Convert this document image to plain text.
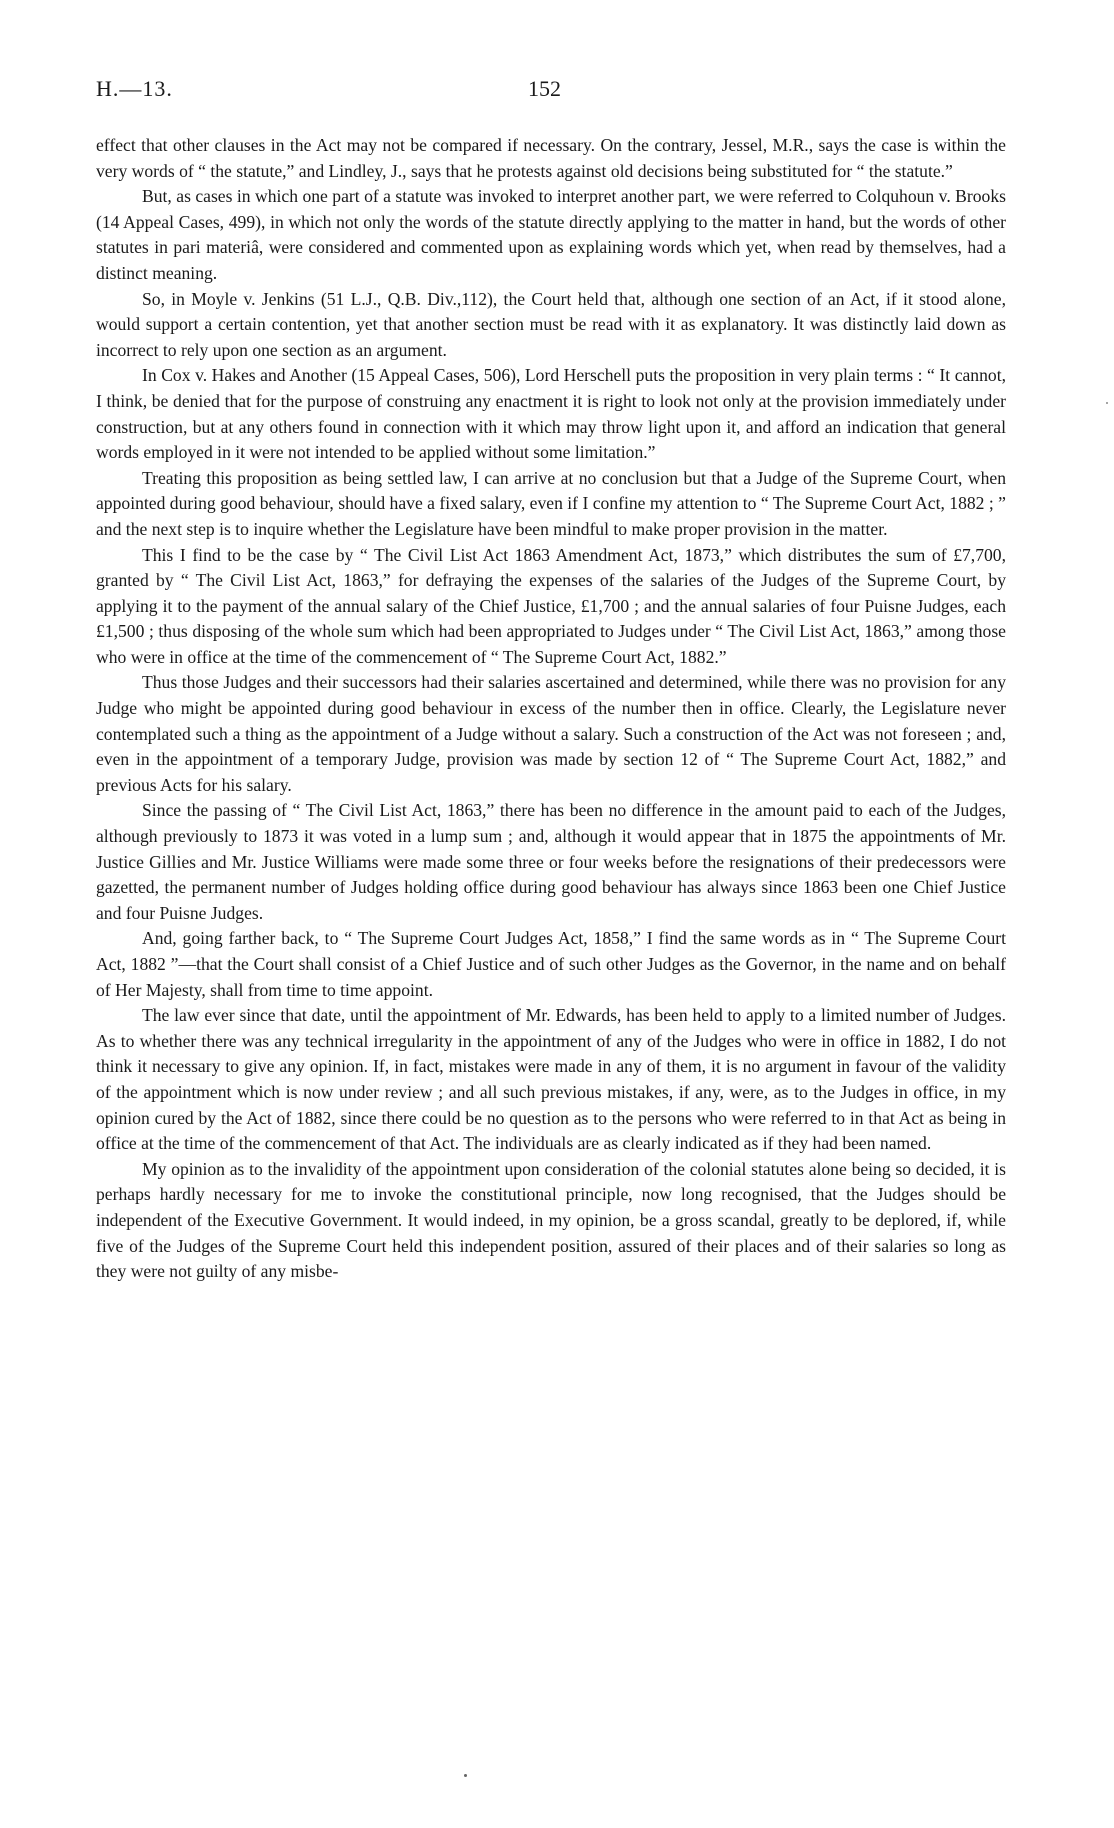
H.—13.	152

effect that other clauses in the Act may not be compared if necessary. On the contrary, Jessel, M.R., says the case is within the very words of “ the statute,” and Lindley, J., says that he protests against old decisions being substituted for “ the statute.”

But, as cases in which one part of a statute was invoked to interpret another part, we were referred to Colquhoun v. Brooks (14 Appeal Cases, 499), in which not only the words of the statute directly applying to the matter in hand, but the words of other statutes in pari materiâ, were considered and commented upon as explaining words which yet, when read by themselves, had a distinct meaning.

So, in Moyle v. Jenkins (51 L.J., Q.B. Div.,112), the Court held that, although one section of an Act, if it stood alone, would support a certain contention, yet that another section must be read with it as explanatory. It was distinctly laid down as incorrect to rely upon one section as an argument.

In Cox v. Hakes and Another (15 Appeal Cases, 506), Lord Herschell puts the proposition in very plain terms : “ It cannot, I think, be denied that for the purpose of construing any enactment it is right to look not only at the provision immediately under construction, but at any others found in connection with it which may throw light upon it, and afford an indication that general words employed in it were not intended to be applied without some limitation.”

Treating this proposition as being settled law, I can arrive at no conclusion but that a Judge of the Supreme Court, when appointed during good behaviour, should have a fixed salary, even if I confine my attention to “ The Supreme Court Act, 1882 ; ” and the next step is to inquire whether the Legislature have been mindful to make proper provision in the matter.

This I find to be the case by “ The Civil List Act 1863 Amendment Act, 1873,” which distributes the sum of £7,700, granted by “ The Civil List Act, 1863,” for defraying the expenses of the salaries of the Judges of the Supreme Court, by applying it to the payment of the annual salary of the Chief Justice, £1,700 ; and the annual salaries of four Puisne Judges, each £1,500 ; thus disposing of the whole sum which had been appropriated to Judges under “ The Civil List Act, 1863,” among those who were in office at the time of the commencement of “ The Supreme Court Act, 1882.”

Thus those Judges and their successors had their salaries ascertained and determined, while there was no provision for any Judge who might be appointed during good behaviour in excess of the number then in office. Clearly, the Legislature never contemplated such a thing as the appointment of a Judge without a salary. Such a construction of the Act was not foreseen ; and, even in the appointment of a temporary Judge, provision was made by section 12 of “ The Supreme Court Act, 1882,” and previous Acts for his salary.

Since the passing of “ The Civil List Act, 1863,” there has been no difference in the amount paid to each of the Judges, although previously to 1873 it was voted in a lump sum ; and, although it would appear that in 1875 the appointments of Mr. Justice Gillies and Mr. Justice Williams were made some three or four weeks before the resignations of their predecessors were gazetted, the permanent number of Judges holding office during good behaviour has always since 1863 been one Chief Justice and four Puisne Judges.

And, going farther back, to “ The Supreme Court Judges Act, 1858,” I find the same words as in “ The Supreme Court Act, 1882 ”—that the Court shall consist of a Chief Justice and of such other Judges as the Governor, in the name and on behalf of Her Majesty, shall from time to time appoint.

The law ever since that date, until the appointment of Mr. Edwards, has been held to apply to a limited number of Judges. As to whether there was any technical irregularity in the appointment of any of the Judges who were in office in 1882, I do not think it necessary to give any opinion. If, in fact, mistakes were made in any of them, it is no argument in favour of the validity of the appointment which is now under review ; and all such previous mistakes, if any, were, as to the Judges in office, in my opinion cured by the Act of 1882, since there could be no question as to the persons who were referred to in that Act as being in office at the time of the commencement of that Act. The individuals are as clearly indicated as if they had been named.

My opinion as to the invalidity of the appointment upon consideration of the colonial statutes alone being so decided, it is perhaps hardly necessary for me to invoke the constitutional principle, now long recognised, that the Judges should be independent of the Executive Government. It would indeed, in my opinion, be a gross scandal, greatly to be deplored, if, while five of the Judges of the Supreme Court held this independent position, assured of their places and of their salaries so long as they were not guilty of any misbe-
